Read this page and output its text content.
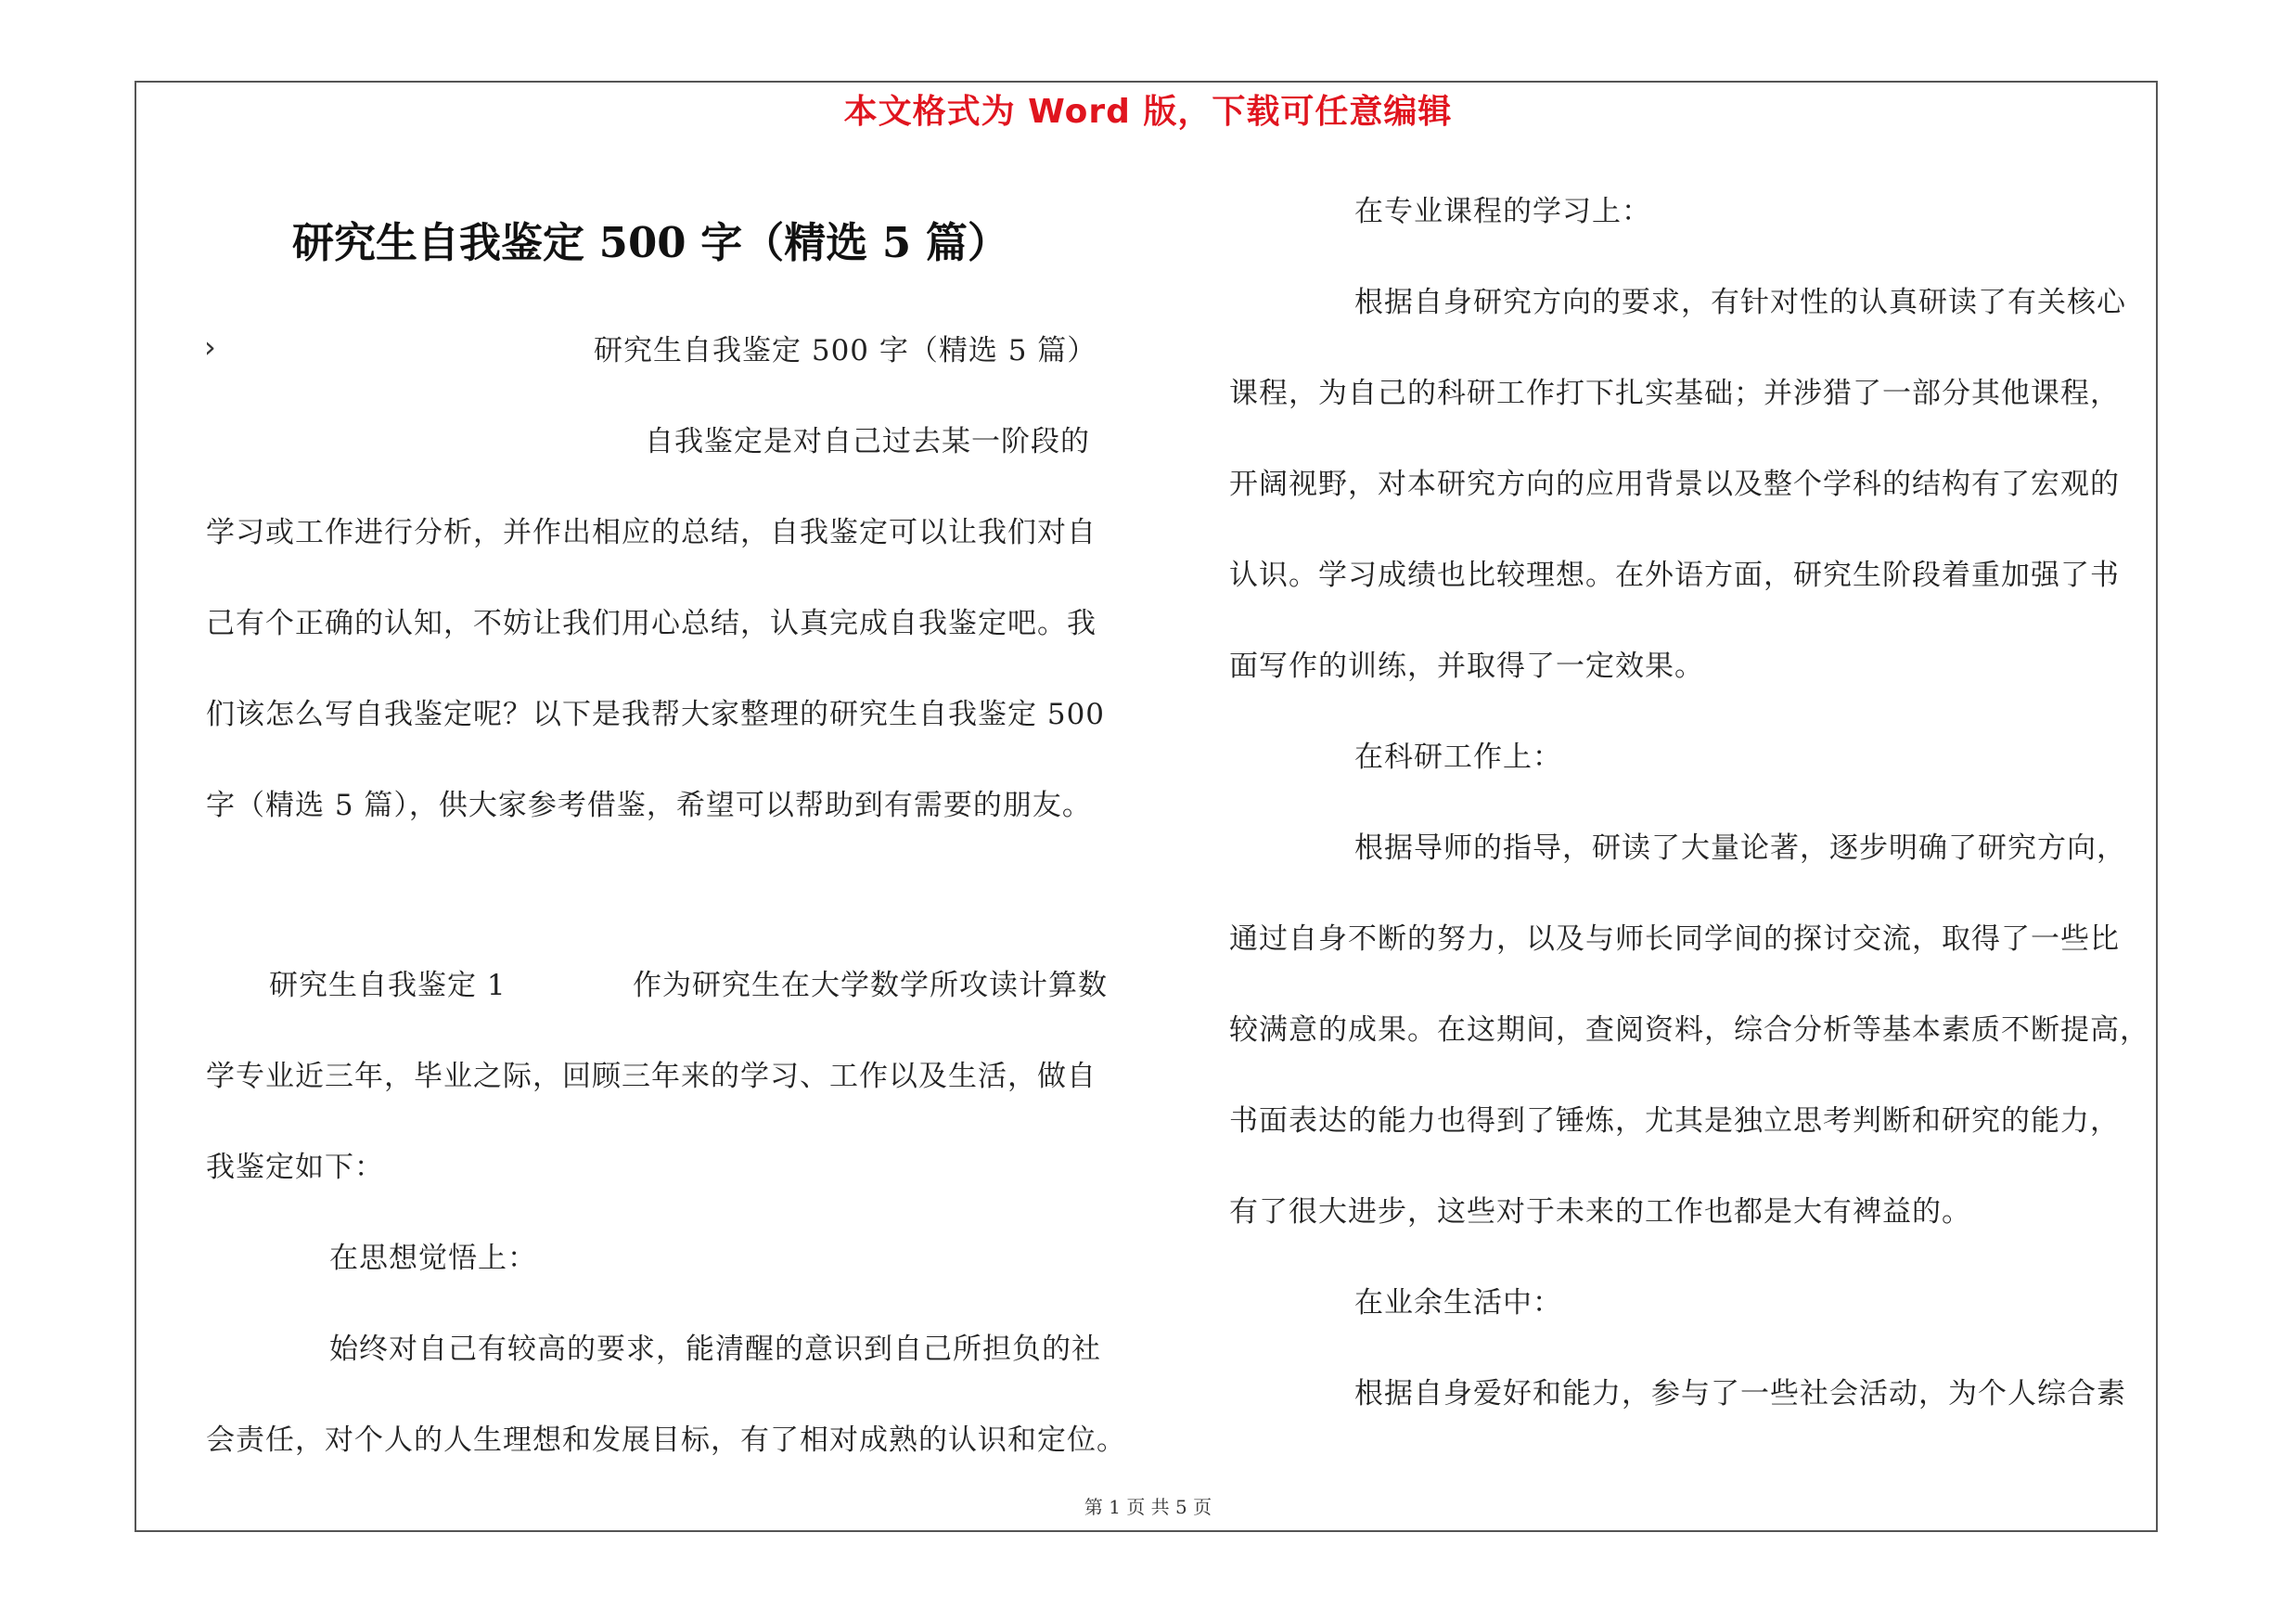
本文格式为 Word 版，下载可任意编辑
研究生自我鉴定 500 字（精选 5 篇）
›	研究生自我鉴定 500 字（精选 5 篇）
自我鉴定是对自己过去某一阶段的
学习或工作进行分析，并作出相应的总结，自我鉴定可以让我们对自
己有个正确的认知，不妨让我们用心总结，认真完成自我鉴定吧。我
们该怎么写自我鉴定呢？以下是我帮大家整理的研究生自我鉴定 500
字（精选 5 篇），供大家参考借鉴，希望可以帮助到有需要的朋友。
研究生自我鉴定 1	作为研究生在大学数学所攻读计算数
学专业近三年，毕业之际，回顾三年来的学习、工作以及生活，做自
我鉴定如下：
在思想觉悟上：
始终对自己有较高的要求，能清醒的意识到自己所担负的社
会责任，对个人的人生理想和发展目标，有了相对成熟的认识和定位。
在专业课程的学习上：
根据自身研究方向的要求，有针对性的认真研读了有关核心
课程，为自己的科研工作打下扎实基础；并涉猎了一部分其他课程，
开阔视野，对本研究方向的应用背景以及整个学科的结构有了宏观的
认识。学习成绩也比较理想。在外语方面，研究生阶段着重加强了书
面写作的训练，并取得了一定效果。
在科研工作上：
根据导师的指导，研读了大量论著，逐步明确了研究方向，
通过自身不断的努力，以及与师长同学间的探讨交流，取得了一些比
较满意的成果。在这期间，查阅资料，综合分析等基本素质不断提高，
书面表达的能力也得到了锤炼，尤其是独立思考判断和研究的能力，
有了很大进步，这些对于未来的工作也都是大有裨益的。
在业余生活中：
根据自身爱好和能力，参与了一些社会活动，为个人综合素
第 1 页 共 5 页
